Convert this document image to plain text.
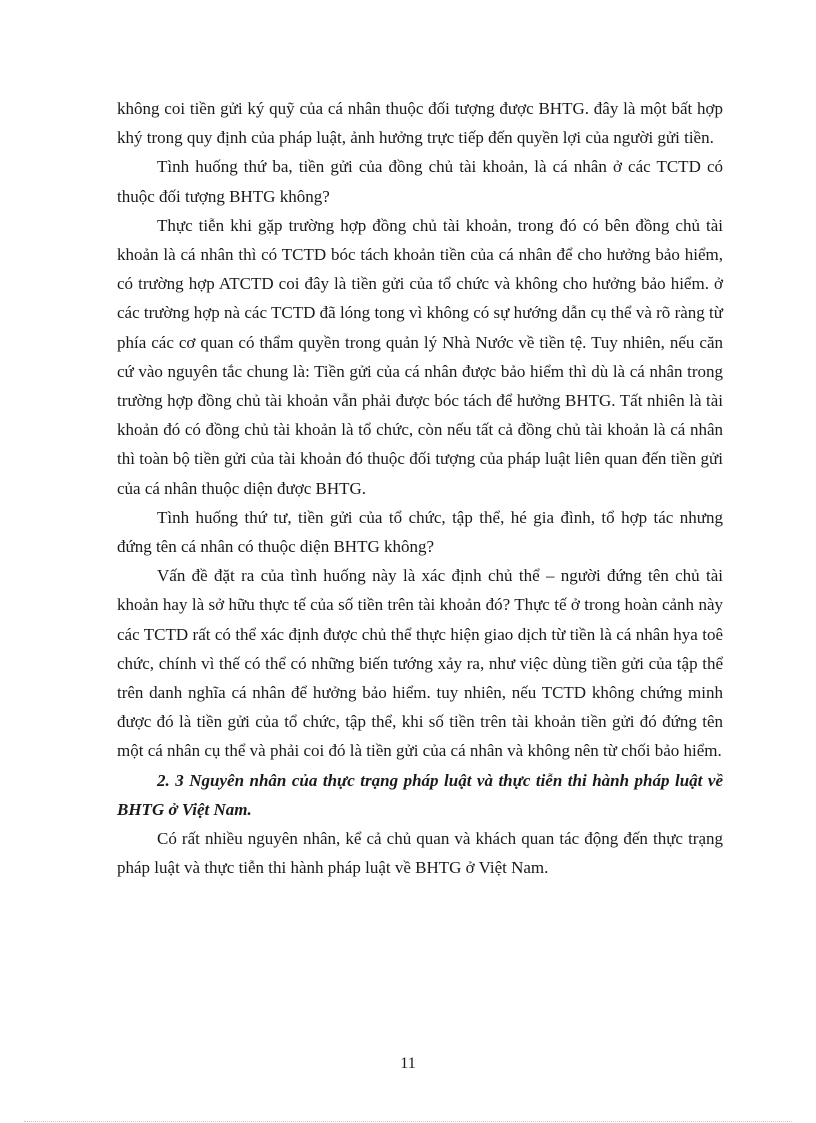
không coi tiền gửi ký quỹ của cá nhân thuộc đối tượng được BHTG. đây là một bất hợp khý trong quy định của pháp luật, ảnh hưởng trực tiếp đến quyền lợi của người gửi tiền.

Tình huống thứ ba, tiền gửi của đồng chủ tài khoản, là cá nhân ở các TCTD có thuộc đối tượng BHTG không?

Thực tiễn khi gặp trường hợp đồng chủ tài khoản, trong đó có bên đồng chủ tài khoản là cá nhân thì có TCTD bóc tách khoản tiền của cá nhân để cho hưởng bảo hiểm, có trường hợp ATCTD coi đây là tiền gửi của tổ chức và không cho hưởng bảo hiểm. ở các trường hợp nà các TCTD đã lóng tong vì không có sự hướng dẫn cụ thể và rõ ràng từ phía các cơ quan có thẩm quyền trong quản lý Nhà Nước về tiền tệ. Tuy nhiên, nếu căn cứ vào nguyên tắc chung là: Tiền gửi của cá nhân được bảo hiểm thì dù là cá nhân trong trường hợp đồng chủ tài khoản vẫn phải được bóc tách để hưởng BHTG. Tất nhiên là tài khoản đó có đồng chủ tài khoản là tổ chức, còn nếu tất cả đồng chủ tài khoản là cá nhân thì toàn bộ tiền gửi của tài khoản đó thuộc đối tượng của pháp luật liên quan đến tiền gửi của cá nhân thuộc diện được BHTG.

Tình huống thứ tư, tiền gửi của tổ chức, tập thể, hé gia đình, tổ hợp tác nhưng đứng tên cá nhân có thuộc diện BHTG không?

Vấn đề đặt ra của tình huống này là xác định chủ thể – người đứng tên chủ tài khoản hay là sở hữu thực tế của số tiền trên tài khoản đó? Thực tế ở trong hoàn cảnh này các TCTD rất có thể xác định được chủ thể thực hiện giao dịch từ tiền là cá nhân hya toê chức, chính vì thế có thể có những biến tướng xảy ra, như việc dùng tiền gửi của tập thể trên danh nghĩa cá nhân để hưởng bảo hiểm. tuy nhiên, nếu TCTD không chứng minh được đó là tiền gửi của tổ chức, tập thể, khi số tiền trên tài khoản tiền gửi đó đứng tên một cá nhân cụ thể và phải coi đó là tiền gửi của cá nhân và không nên từ chối bảo hiểm.

2. 3 Nguyên nhân của thực trạng pháp luật và thực tiễn thi hành pháp luật về BHTG ở Việt Nam.

Có rất nhiều nguyên nhân, kể cả chủ quan và khách quan tác động đến thực trạng pháp luật và thực tiễn thi hành pháp luật về BHTG ở Việt Nam.

11
